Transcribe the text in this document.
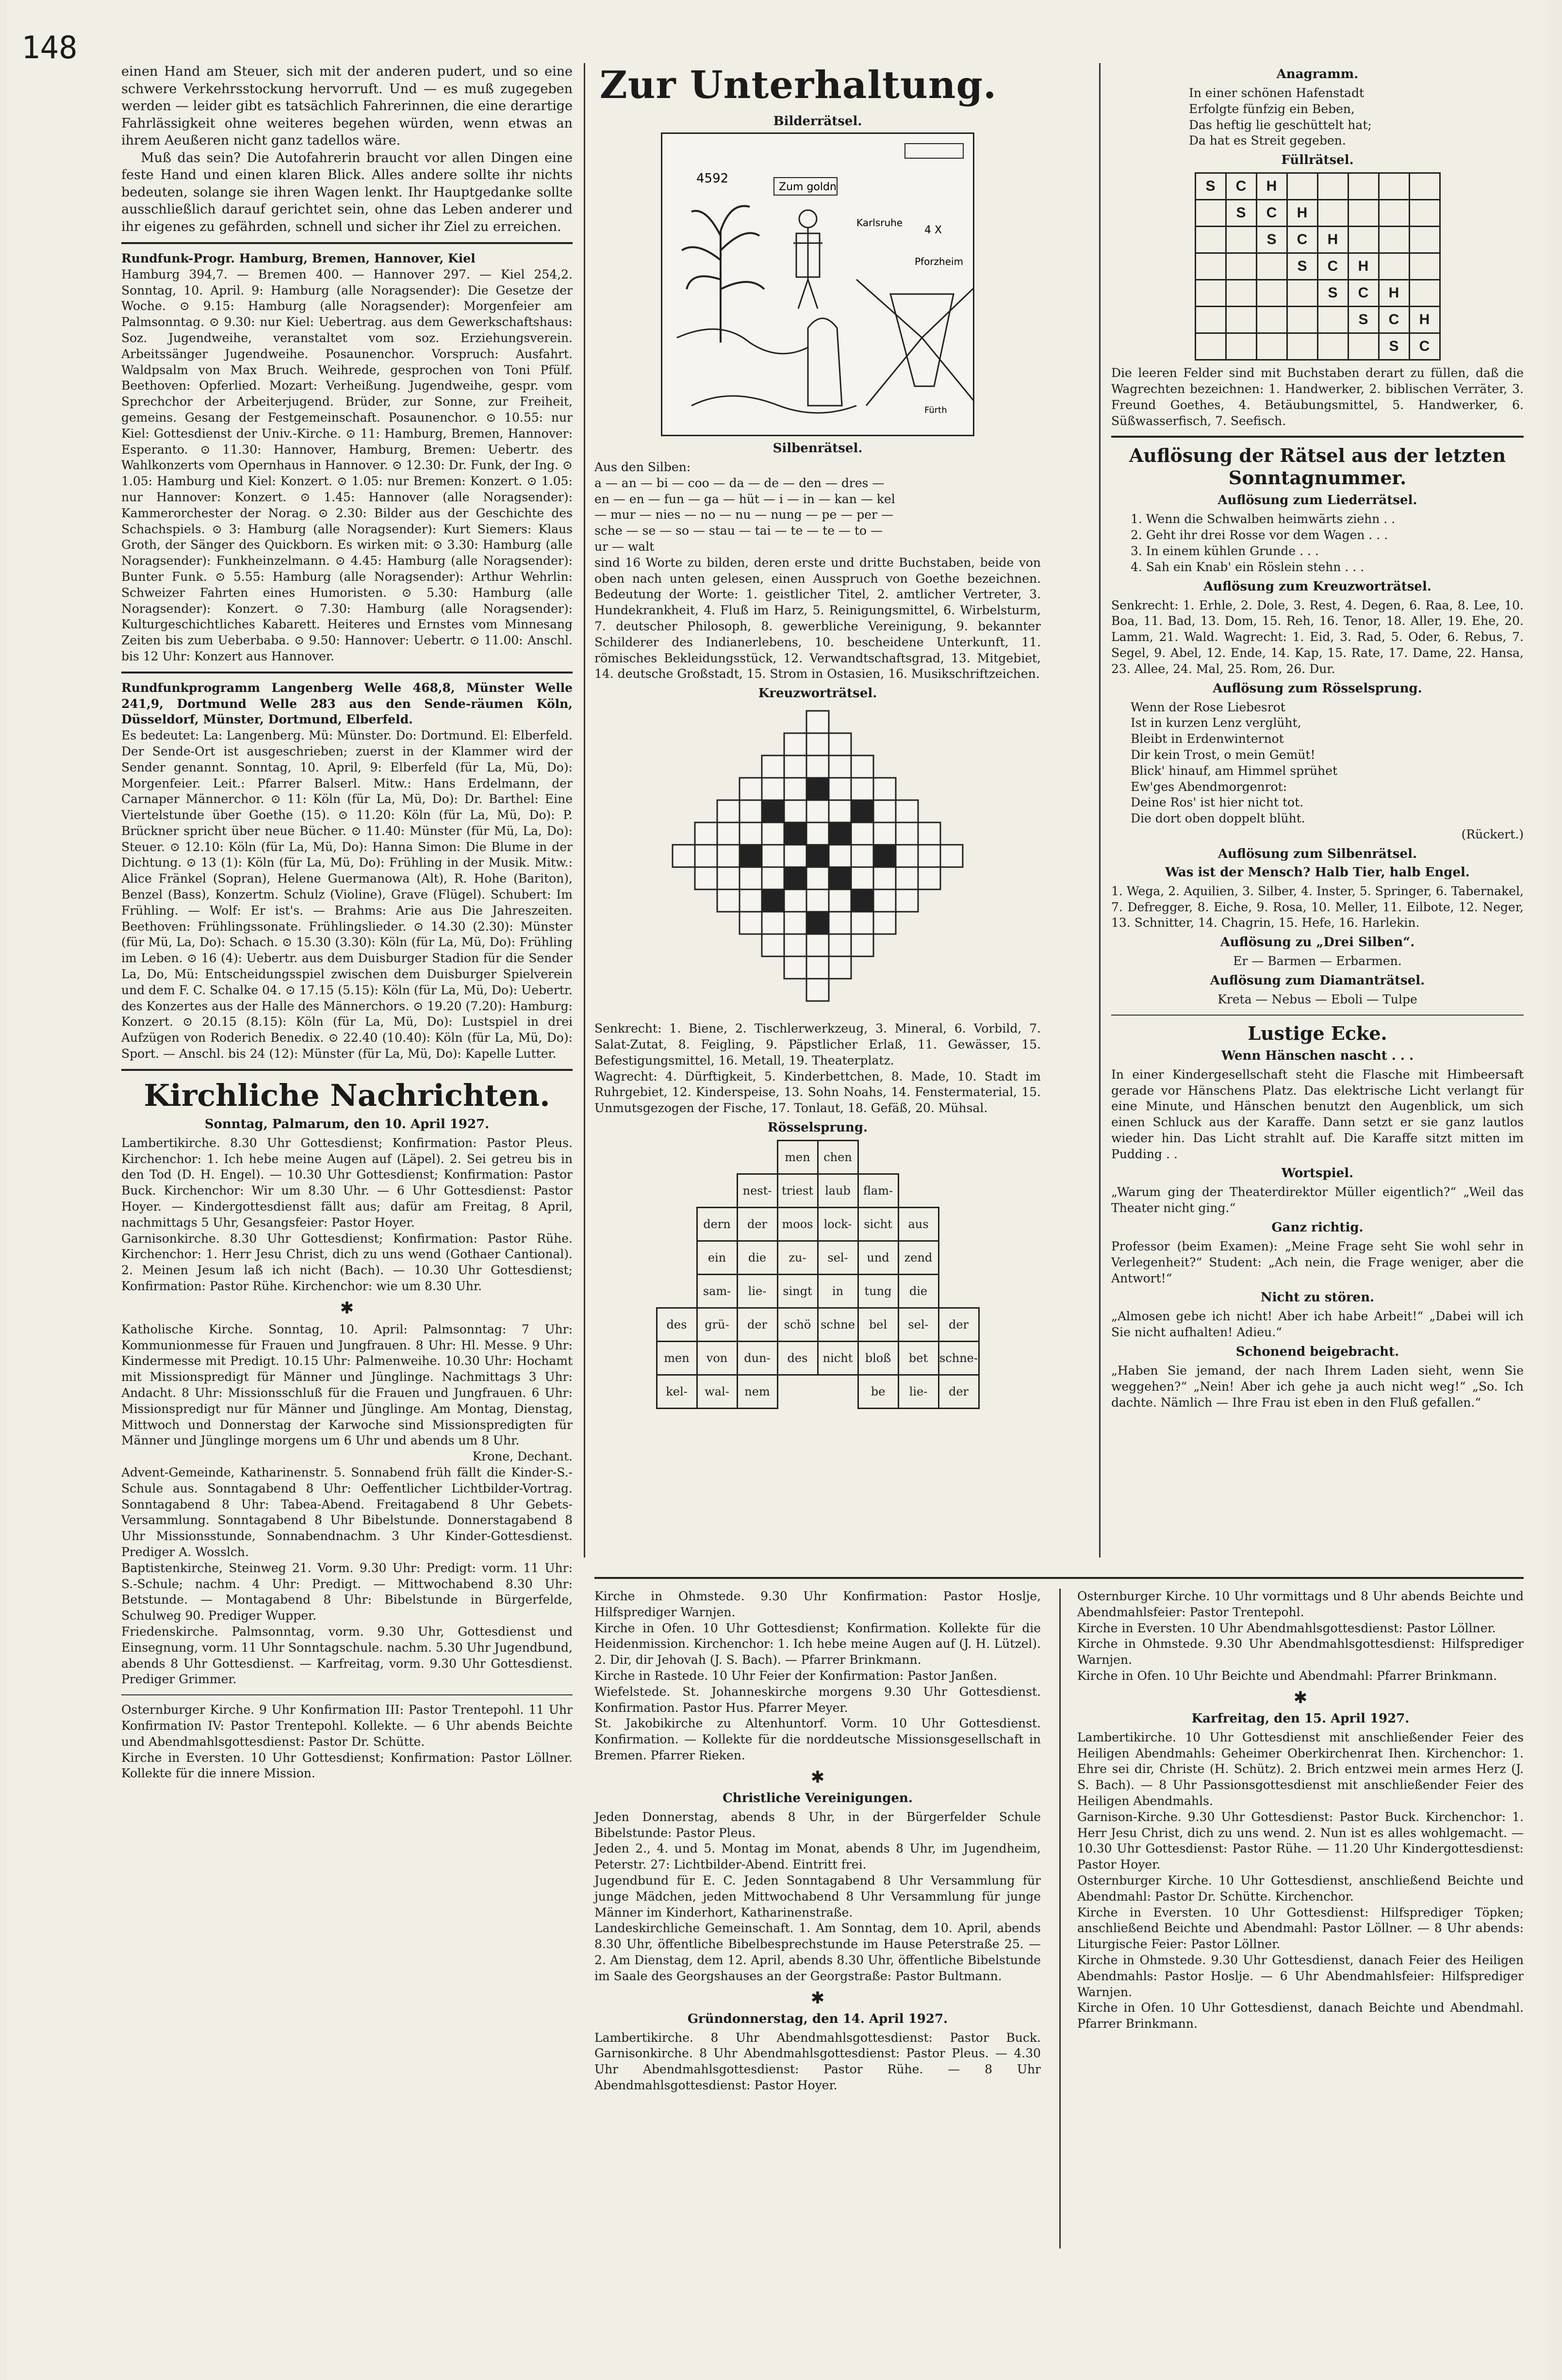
148

einen Hand am Steuer, sich mit der anderen pudert, und so eine schwere Verkehrsstockung hervorruft. Und — es muß zugegeben werden — leider gibt es tatsächlich Fahrerinnen, die eine derartige Fahrlässigkeit ohne weiteres begehen würden, wenn etwas an ihrem Aeußeren nicht ganz tadellos wäre.

Muß das sein? Die Autofahrerin braucht vor allen Dingen eine feste Hand und einen klaren Blick. Alles andere sollte ihr nichts bedeuten, solange sie ihren Wagen lenkt. Ihr Hauptgedanke sollte ausschließlich darauf gerichtet sein, ohne das Leben anderer und ihr eigenes zu gefährden, schnell und sicher ihr Ziel zu erreichen.

Rundfunk-Progr. Hamburg, Bremen, Hannover, Kiel

Hamburg 394,7. — Bremen 400. — Hannover 297. — Kiel 254,2. Sonntag, 10. April. 9: Hamburg (alle Noragsender): Die Gesetze der Woche. ⊙ 9.15: Hamburg (alle Noragsender): Morgenfeier am Palmsonntag. ⊙ 9.30: nur Kiel: Uebertrag. aus dem Gewerkschaftshaus: Soz. Jugendweihe, veranstaltet vom soz. Erziehungsverein. Arbeitssänger Jugendweihe. Posaunenchor. Vorspruch: Ausfahrt. Waldpsalm von Max Bruch. Weihrede, gesprochen von Toni Pfülf. Beethoven: Opferlied. Mozart: Verheißung. Jugendweihe, gespr. vom Sprechchor der Arbeiterjugend. Brüder, zur Sonne, zur Freiheit, gemeins. Gesang der Festgemeinschaft. Posaunenchor. ⊙ 10.55: nur Kiel: Gottesdienst der Univ.-Kirche. ⊙ 11: Hamburg, Bremen, Hannover: Esperanto. ⊙ 11.30: Hannover, Hamburg, Bremen: Uebertr. des Wahlkonzerts vom Opernhaus in Hannover. ⊙ 12.30: Dr. Funk, der Ing. ⊙ 1.05: Hamburg und Kiel: Konzert. ⊙ 1.05: nur Bremen: Konzert. ⊙ 1.05: nur Hannover: Konzert. ⊙ 1.45: Hannover (alle Noragsender): Kammerorchester der Norag. ⊙ 2.30: Bilder aus der Geschichte des Schachspiels. ⊙ 3: Hamburg (alle Noragsender): Kurt Siemers: Klaus Groth, der Sänger des Quickborn. Es wirken mit: ⊙ 3.30: Hamburg (alle Noragsender): Funkheinzelmann. ⊙ 4.45: Hamburg (alle Noragsender): Bunter Funk. ⊙ 5.55: Hamburg (alle Noragsender): Arthur Wehrlin: Schweizer Fahrten eines Humoristen. ⊙ 5.30: Hamburg (alle Noragsender): Konzert. ⊙ 7.30: Hamburg (alle Noragsender): Kulturgeschichtliches Kabarett. Heiteres und Ernstes vom Minnesang Zeiten bis zum Ueberbaba. ⊙ 9.50: Hannover: Uebertr. ⊙ 11.00: Anschl. bis 12 Uhr: Konzert aus Hannover.

Rundfunkprogramm Langenberg Welle 468,8, Münster Welle 241,9, Dortmund Welle 283 aus den Sende-räumen Köln, Düsseldorf, Münster, Dortmund, Elberfeld.

Es bedeutet: La: Langenberg. Mü: Münster. Do: Dortmund. El: Elberfeld. Der Sende-Ort ist ausgeschrieben; zuerst in der Klammer wird der Sender genannt. Sonntag, 10. April, 9: Elberfeld (für La, Mü, Do): Morgenfeier. Leit.: Pfarrer Balserl. Mitw.: Hans Erdelmann, der Carnaper Männerchor. ⊙ 11: Köln (für La, Mü, Do): Dr. Barthel: Eine Viertelstunde über Goethe (15). ⊙ 11.20: Köln (für La, Mü, Do): P. Brückner spricht über neue Bücher. ⊙ 11.40: Münster (für Mü, La, Do): Steuer. ⊙ 12.10: Köln (für La, Mü, Do): Hanna Simon: Die Blume in der Dichtung. ⊙ 13 (1): Köln (für La, Mü, Do): Frühling in der Musik. Mitw.: Alice Fränkel (Sopran), Helene Guermanowa (Alt), R. Hohe (Bariton), Benzel (Bass), Konzertm. Schulz (Violine), Grave (Flügel). Schubert: Im Frühling. — Wolf: Er ist's. — Brahms: Arie aus Die Jahreszeiten. Beethoven: Frühlingssonate. Frühlingslieder. ⊙ 14.30 (2.30): Münster (für Mü, La, Do): Schach. ⊙ 15.30 (3.30): Köln (für La, Mü, Do): Frühling im Leben. ⊙ 16 (4): Uebertr. aus dem Duisburger Stadion für die Sender La, Do, Mü: Entscheidungsspiel zwischen dem Duisburger Spielverein und dem F. C. Schalke 04. ⊙ 17.15 (5.15): Köln (für La, Mü, Do): Uebertr. des Konzertes aus der Halle des Männerchors. ⊙ 19.20 (7.20): Hamburg: Konzert. ⊙ 20.15 (8.15): Köln (für La, Mü, Do): Lustspiel in drei Aufzügen von Roderich Benedix. ⊙ 22.40 (10.40): Köln (für La, Mü, Do): Sport. — Anschl. bis 24 (12): Münster (für La, Mü, Do): Kapelle Lutter.

Kirchliche Nachrichten.

Sonntag, Palmarum, den 10. April 1927.

Lambertikirche. 8.30 Uhr Gottesdienst; Konfirmation: Pastor Pleus. Kirchenchor: 1. Ich hebe meine Augen auf (Läpel). 2. Sei getreu bis in den Tod (D. H. Engel). — 10.30 Uhr Gottesdienst; Konfirmation: Pastor Buck. Kirchenchor: Wir um 8.30 Uhr. — 6 Uhr Gottesdienst: Pastor Hoyer. — Kindergottesdienst fällt aus; dafür am Freitag, 8 April, nachmittags 5 Uhr, Gesangsfeier: Pastor Hoyer.

Garnisonkirche. 8.30 Uhr Gottesdienst; Konfirmation: Pastor Rühe. Kirchenchor: 1. Herr Jesu Christ, dich zu uns wend (Gothaer Cantional). 2. Meinen Jesum laß ich nicht (Bach). — 10.30 Uhr Gottesdienst; Konfirmation: Pastor Rühe. Kirchenchor: wie um 8.30 Uhr.

✱

Katholische Kirche. Sonntag, 10. April: Palmsonntag: 7 Uhr: Kommunionmesse für Frauen und Jungfrauen. 8 Uhr: Hl. Messe. 9 Uhr: Kindermesse mit Predigt. 10.15 Uhr: Palmenweihe. 10.30 Uhr: Hochamt mit Missionspredigt für Männer und Jünglinge. Nachmittags 3 Uhr: Andacht. 8 Uhr: Missionsschluß für die Frauen und Jungfrauen. 6 Uhr: Missionspredigt nur für Männer und Jünglinge. Am Montag, Dienstag, Mittwoch und Donnerstag der Karwoche sind Missionspredigten für Männer und Jünglinge morgens um 6 Uhr und abends um 8 Uhr.

Krone, Dechant.

Advent-Gemeinde, Katharinenstr. 5. Sonnabend früh fällt die Kinder-S.-Schule aus. Sonntagabend 8 Uhr: Oeffentlicher Lichtbilder-Vortrag. Sonntagabend 8 Uhr: Tabea-Abend. Freitagabend 8 Uhr Gebets-Versammlung. Sonntagabend 8 Uhr Bibelstunde. Donnerstagabend 8 Uhr Missionsstunde, Sonnabendnachm. 3 Uhr Kinder-Gottesdienst. Prediger A. Wosslch.

Baptistenkirche, Steinweg 21. Vorm. 9.30 Uhr: Predigt: vorm. 11 Uhr: S.-Schule; nachm. 4 Uhr: Predigt. — Mittwochabend 8.30 Uhr: Betstunde. — Montagabend 8 Uhr: Bibelstunde in Bürgerfelde, Schulweg 90. Prediger Wupper.

Friedenskirche. Palmsonntag, vorm. 9.30 Uhr, Gottesdienst und Einsegnung, vorm. 11 Uhr Sonntagschule. nachm. 5.30 Uhr Jugendbund, abends 8 Uhr Gottesdienst. — Karfreitag, vorm. 9.30 Uhr Gottesdienst. Prediger Grimmer.

Osternburger Kirche. 9 Uhr Konfirmation III: Pastor Trentepohl. 11 Uhr Konfirmation IV: Pastor Trentepohl. Kollekte. — 6 Uhr abends Beichte und Abendmahlsgottesdienst: Pastor Dr. Schütte.

Kirche in Eversten. 10 Uhr Gottesdienst; Konfirmation: Pastor Löllner. Kollekte für die innere Mission.

Zur Unterhaltung.

Bilderrätsel.

4592
Zum goldn
Karlsruhe
Pforzheim
4 X
Fürth

Silbenrätsel.

Aus den Silben:

a — an — bi — coo — da — de — den — dres —

en — en — fun — ga — hüt — i — in — kan — kel

— mur — nies — no — nu — nung — pe — per —

sche — se — so — stau — tai — te — te — to —

ur — walt

sind 16 Worte zu bilden, deren erste und dritte Buchstaben, beide von oben nach unten gelesen, einen Ausspruch von Goethe bezeichnen. Bedeutung der Worte: 1. geistlicher Titel, 2. amtlicher Vertreter, 3. Hundekrankheit, 4. Fluß im Harz, 5. Reinigungsmittel, 6. Wirbelsturm, 7. deutscher Philosoph, 8. gewerbliche Vereinigung, 9. bekannter Schilderer des Indianerlebens, 10. bescheidene Unterkunft, 11. römisches Bekleidungsstück, 12. Verwandtschaftsgrad, 13. Mitgebiet, 14. deutsche Großstadt, 15. Strom in Ostasien, 16. Musikschriftzeichen.

Kreuzworträtsel.

Senkrecht: 1. Biene, 2. Tischlerwerkzeug, 3. Mineral, 6. Vorbild, 7. Salat-Zutat, 8. Feigling, 9. Päpstlicher Erlaß, 11. Gewässer, 15. Befestigungsmittel, 16. Metall, 19. Theaterplatz.

Wagrecht: 4. Dürftigkeit, 5. Kinderbettchen, 8. Made, 10. Stadt im Ruhrgebiet, 12. Kinderspeise, 13. Sohn Noahs, 14. Fenstermaterial, 15. Unmutsgezogen der Fische, 17. Tonlaut, 18. Gefäß, 20. Mühsal.

Rösselsprung.

			men	chen			
		nest-	triest	laub	flam-		
	dern	der	moos	lock-	sicht	aus	
	ein	die	zu-	sel-	und	zend	
	sam-	lie-	singt	in	tung	die	
des	grü-	der	schö	schne	bel	sel-	der
men	von	dun-	des	nicht	bloß	bet	schne-
kel-	wal-	nem			be	lie-	der

Anagramm.

In einer schönen Hafenstadt

Erfolgte fünfzig ein Beben,

Das heftig lie geschüttelt hat;

Da hat es Streit gegeben.

Füllrätsel.

S	C	H					
	S	C	H				
		S	C	H			
			S	C	H		
				S	C	H	
					S	C	H
						S	C

Die leeren Felder sind mit Buchstaben derart zu füllen, daß die Wagrechten bezeichnen: 1. Handwerker, 2. biblischen Verräter, 3. Freund Goethes, 4. Betäubungsmittel, 5. Handwerker, 6. Süßwasserfisch, 7. Seefisch.

Auflösung der Rätsel aus der letzten Sonntagnummer.

Auflösung zum Liederrätsel.

1. Wenn die Schwalben heimwärts ziehn . .

2. Geht ihr drei Rosse vor dem Wagen . . .

3. In einem kühlen Grunde . . .

4. Sah ein Knab' ein Röslein stehn . . .

Auflösung zum Kreuzworträtsel.

Senkrecht: 1. Erhle, 2. Dole, 3. Rest, 4. Degen, 6. Raa, 8. Lee, 10. Boa, 11. Bad, 13. Dom, 15. Reh, 16. Tenor, 18. Aller, 19. Ehe, 20. Lamm, 21. Wald. Wagrecht: 1. Eid, 3. Rad, 5. Oder, 6. Rebus, 7. Segel, 9. Abel, 12. Ende, 14. Kap, 15. Rate, 17. Dame, 22. Hansa, 23. Allee, 24. Mal, 25. Rom, 26. Dur.

Auflösung zum Rösselsprung.

Wenn der Rose Liebesrot

Ist in kurzen Lenz verglüht,

Bleibt in Erdenwinternot

Dir kein Trost, o mein Gemüt!

Blick' hinauf, am Himmel sprühet

Ew'ges Abendmorgenrot:

Deine Ros' ist hier nicht tot.

Die dort oben doppelt blüht.

(Rückert.)

Auflösung zum Silbenrätsel.

Was ist der Mensch? Halb Tier, halb Engel.

1. Wega, 2. Aquilien, 3. Silber, 4. Inster, 5. Springer, 6. Tabernakel, 7. Defregger, 8. Eiche, 9. Rosa, 10. Meller, 11. Eilbote, 12. Neger, 13. Schnitter, 14. Chagrin, 15. Hefe, 16. Harlekin.

Auflösung zu „Drei Silben“.

Er — Barmen — Erbarmen.

Auflösung zum Diamanträtsel.

Kreta — Nebus — Eboli — Tulpe

Lustige Ecke.

Wenn Hänschen nascht . . .

In einer Kindergesellschaft steht die Flasche mit Himbeersaft gerade vor Hänschens Platz. Das elektrische Licht verlangt für eine Minute, und Hänschen benutzt den Augenblick, um sich einen Schluck aus der Karaffe. Dann setzt er sie ganz lautlos wieder hin. Das Licht strahlt auf. Die Karaffe sitzt mitten im Pudding . .

Wortspiel.

„Warum ging der Theaterdirektor Müller eigentlich?“ „Weil das Theater nicht ging.“

Ganz richtig.

Professor (beim Examen): „Meine Frage seht Sie wohl sehr in Verlegenheit?“ Student: „Ach nein, die Frage weniger, aber die Antwort!“

Nicht zu stören.

„Almosen gebe ich nicht! Aber ich habe Arbeit!“ „Dabei will ich Sie nicht aufhalten! Adieu.“

Schonend beigebracht.

„Haben Sie jemand, der nach Ihrem Laden sieht, wenn Sie weggehen?“ „Nein! Aber ich gehe ja auch nicht weg!“ „So. Ich dachte. Nämlich — Ihre Frau ist eben in den Fluß gefallen.“

Kirche in Ohmstede. 9.30 Uhr Konfirmation: Pastor Hoslje, Hilfsprediger Warnjen.

Kirche in Ofen. 10 Uhr Gottesdienst; Konfirmation. Kollekte für die Heidenmission. Kirchenchor: 1. Ich hebe meine Augen auf (J. H. Lützel). 2. Dir, dir Jehovah (J. S. Bach). — Pfarrer Brinkmann.

Kirche in Rastede. 10 Uhr Feier der Konfirmation: Pastor Janßen.

Wiefelstede. St. Johanneskirche morgens 9.30 Uhr Gottesdienst. Konfirmation. Pastor Hus. Pfarrer Meyer.

St. Jakobikirche zu Altenhuntorf. Vorm. 10 Uhr Gottesdienst. Konfirmation. — Kollekte für die norddeutsche Missionsgesellschaft in Bremen. Pfarrer Rieken.

✱

Christliche Vereinigungen.

Jeden Donnerstag, abends 8 Uhr, in der Bürgerfelder Schule Bibelstunde: Pastor Pleus.

Jeden 2., 4. und 5. Montag im Monat, abends 8 Uhr, im Jugendheim, Peterstr. 27: Lichtbilder-Abend. Eintritt frei.

Jugendbund für E. C. Jeden Sonntagabend 8 Uhr Versammlung für junge Mädchen, jeden Mittwochabend 8 Uhr Versammlung für junge Männer im Kinderhort, Katharinenstraße.

Landeskirchliche Gemeinschaft. 1. Am Sonntag, dem 10. April, abends 8.30 Uhr, öffentliche Bibelbesprechstunde im Hause Peterstraße 25. — 2. Am Dienstag, dem 12. April, abends 8.30 Uhr, öffentliche Bibelstunde im Saale des Georgshauses an der Georgstraße: Pastor Bultmann.

✱

Gründonnerstag, den 14. April 1927.

Lambertikirche. 8 Uhr Abendmahlsgottesdienst: Pastor Buck. Garnisonkirche. 8 Uhr Abendmahlsgottesdienst: Pastor Pleus. — 4.30 Uhr Abendmahlsgottesdienst: Pastor Rühe. — 8 Uhr Abendmahlsgottesdienst: Pastor Hoyer.

Osternburger Kirche. 10 Uhr vormittags und 8 Uhr abends Beichte und Abendmahlsfeier: Pastor Trentepohl.

Kirche in Eversten. 10 Uhr Abendmahlsgottesdienst: Pastor Löllner.

Kirche in Ohmstede. 9.30 Uhr Abendmahlsgottesdienst: Hilfsprediger Warnjen.

Kirche in Ofen. 10 Uhr Beichte und Abendmahl: Pfarrer Brinkmann.

✱

Karfreitag, den 15. April 1927.

Lambertikirche. 10 Uhr Gottesdienst mit anschließender Feier des Heiligen Abendmahls: Geheimer Oberkirchenrat Ihen. Kirchenchor: 1. Ehre sei dir, Christe (H. Schütz). 2. Brich entzwei mein armes Herz (J. S. Bach). — 8 Uhr Passionsgottesdienst mit anschließender Feier des Heiligen Abendmahls.

Garnison-Kirche. 9.30 Uhr Gottesdienst: Pastor Buck. Kirchenchor: 1. Herr Jesu Christ, dich zu uns wend. 2. Nun ist es alles wohlgemacht. — 10.30 Uhr Gottesdienst: Pastor Rühe. — 11.20 Uhr Kindergottesdienst: Pastor Hoyer.

Osternburger Kirche. 10 Uhr Gottesdienst, anschließend Beichte und Abendmahl: Pastor Dr. Schütte. Kirchenchor.

Kirche in Eversten. 10 Uhr Gottesdienst: Hilfsprediger Töpken; anschließend Beichte und Abendmahl: Pastor Löllner. — 8 Uhr abends: Liturgische Feier: Pastor Löllner.

Kirche in Ohmstede. 9.30 Uhr Gottesdienst, danach Feier des Heiligen Abendmahls: Pastor Hoslje. — 6 Uhr Abendmahlsfeier: Hilfsprediger Warnjen.

Kirche in Ofen. 10 Uhr Gottesdienst, danach Beichte und Abendmahl. Pfarrer Brinkmann.
